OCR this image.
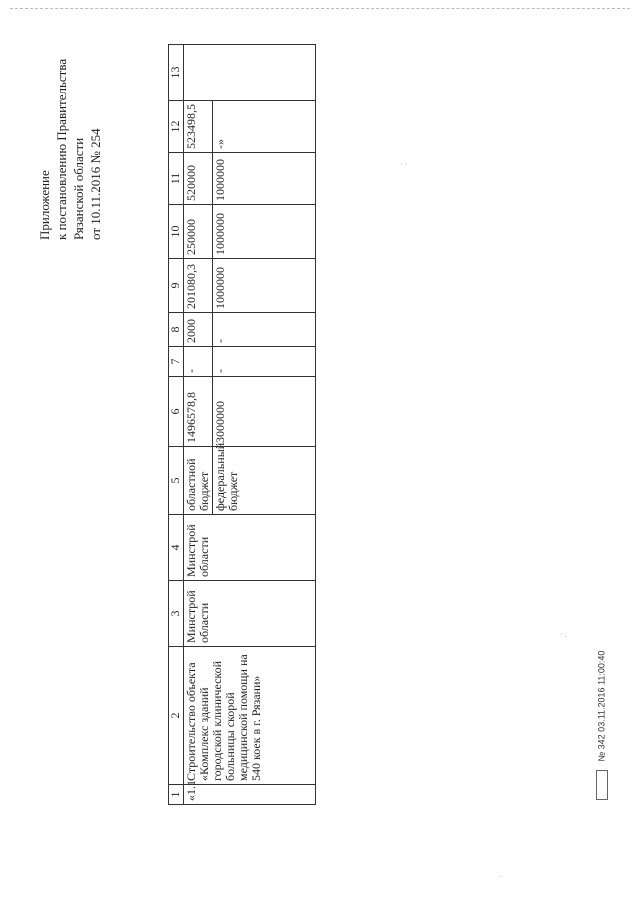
Приложение к постановлению Правительства Рязанской области от 10.11.2016 № 254
1	2	3	4	5	6	7	8	9	10	11	12	13
«1.1	Строительство объекта «Комплекс зданий городской клинической больницы скорой медицинской помощи на 540 коек в г. Рязани»	Минстрой области	Минстрой области	областной бюджет	1496578,8	-	2000	201080,3	250000	520000	523498,5	
				федеральный бюджет	3000000	-	-	1000000	1000000	1000000	-»	
№ 342 03.11.2016 11:00:40
· .
· ·
.
